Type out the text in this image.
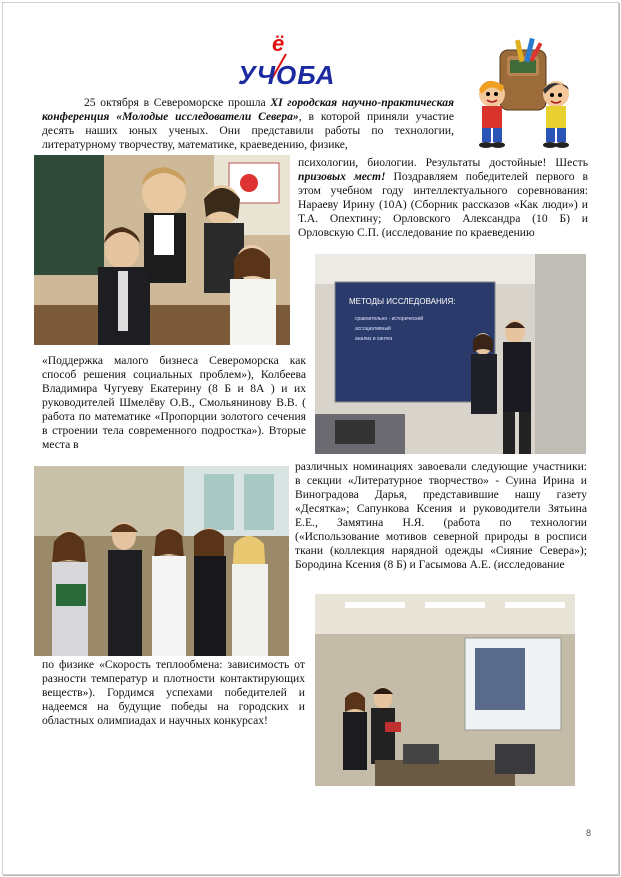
ё
УЧОБА

25 октября в Североморске прошла XI городская научно-практическая конференция «Молодые исследователи Севера», в которой приняли участие десять наших юных ученых. Они представили работы по технологии, литературному творчеству, математике, краеведению, физике,

психологии, биологии. Результаты достойные! Шесть призовых мест! Поздравляем победителей первого в этом учебном году интеллектуального соревнования: Нараеву Ирину (10А) (Сборник рассказов «Как люди») и Т.А. Опехтину; Орловского Александра (10 Б) и Орловскую С.П. (исследование по краеведению

МЕТОДЫ ИССЛЕДОВАНИЯ:
сравнительно - исторический
ассоциативный
анализ и синтез

«Поддержка малого бизнеса Североморска как способ решения социальных проблем»), Колбеева Владимира Чугуеву Екатерину (8 Б и 8А ) и их руководителей Шмелёву О.В., Смольянинову В.В. ( работа по математике «Пропорции золотого сечения в строении тела современного подростка»). Вторые места в

различных номинациях завоевали следующие участники: в секции «Литературное творчество» - Суина Ирина и Виноградова Дарья, представившие нашу газету «Десятка»; Сапункова Ксения и руководители Зятьина Е.Е., Замятина Н.Я. (работа по технологии («Использование мотивов северной природы в росписи ткани (коллекция нарядной одежды «Сияние Севера»); Бородина Ксения (8 Б) и Гасымова А.Е. (исследование

по физике «Скорость теплообмена: зависимость от разности температур и плотности контактирующих веществ»). Гордимся успехами победителей и надеемся на будущие победы на городских и областных олимпиадах и научных конкурсах!

8
